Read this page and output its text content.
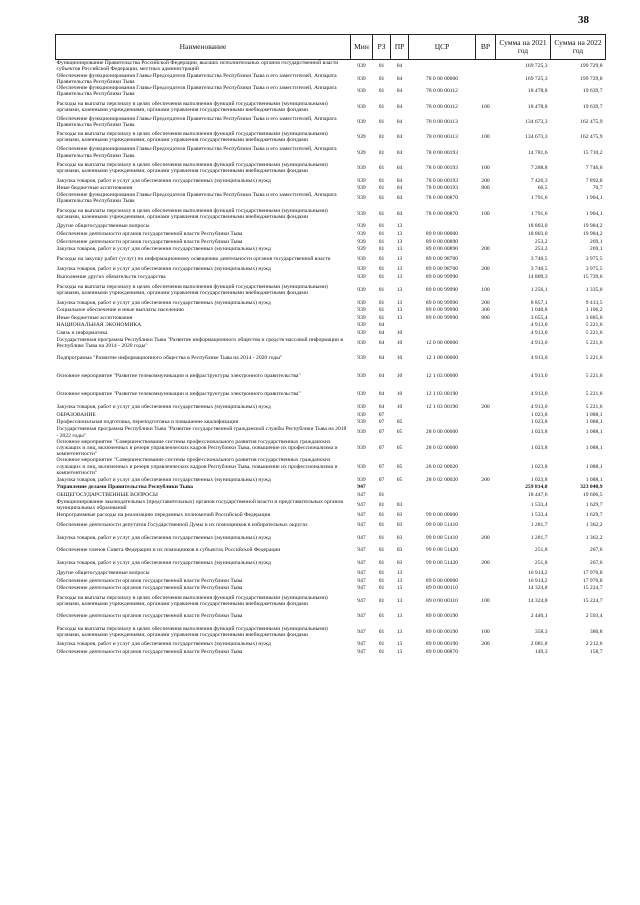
38
Наименование	Мин	РЗ	ПР	ЦСР	ВР	Сумма на 2021 год	Сумма на 2022 год
Функционирование Правительства Российской Федерации, высших исполнительных органов государственной власти субъектов Российской Федерации, местных администраций	939	01	04			169 725,3	199 729,8
Обеспечение функционирования Главы-Председателя Правительства Республики Тыва и его заместителей, Аппарата Правительства Республики Тыва	939	01	04	78 0 00 00000		169 725,3	199 729,8
Обеспечение функционирования Главы-Председателя Правительства Республики Тыва и его заместителей, Аппарата Правительства Республики Тыва	939	01	04	78 0 00 00112		18 478,8	19 639,7
Расходы на выплаты персоналу в целях обеспечения выполнения функций государственными (муниципальными) органами, казенными учреждениями, органами управления государственными внебюджетными фондами	939	01	04	78 0 00 00112	100	18 478,8	19 639,7
Обеспечение функционирования Главы-Председателя Правительства Республики Тыва и его заместителей, Аппарата Правительства Республики Тыва	939	01	04	78 0 00 00113		134 673,3	162 475,9
Расходы на выплаты персоналу в целях обеспечения выполнения функций государственными (муниципальными) органами, казенными учреждениями, органами управления государственными внебюджетными фондами	939	01	04	78 0 00 00113	100	134 673,3	162 475,9
Обеспечение функционирования Главы-Председателя Правительства Республики Тыва и его заместителей, Аппарата Правительства Республики Тыва	939	01	04	78 0 00 00193		14 781,6	15 710,2
Расходы на выплаты персоналу в целях обеспечения выполнения функций государственными (муниципальными) органами, казенными учреждениями, органами управления государственными внебюджетными фондами	939	01	04	78 0 00 00193	100	7 288,8	7 746,6
Закупка товаров, работ и услуг для обеспечения государственных (муниципальных) нужд	939	01	04	78 0 00 00193	200	7 426,3	7 892,8
Иные бюджетные ассигнования	939	01	04	78 0 00 00193	800	66,5	70,7
Обеспечение функционирования Главы-Председателя Правительства Республики Тыва и его заместителей, Аппарата Правительства Республики Тыва	939	01	04	78 0 00 00870		1 791,6	1 904,1
Расходы на выплаты персоналу в целях обеспечения выполнения функций государственными (муниципальными) органами, казенными учреждениями, органами управления государственными внебюджетными фондами	939	01	04	78 0 00 00870	100	1 791,6	1 904,1
Другие общегосударственные вопросы	939	01	13			18 803,0	19 984,2
Обеспечение деятельности органов государственной власти Республики Тыва	939	01	13	89 0 00 00000		18 803,0	19 984,2
Обеспечение деятельности органов государственной власти Республики Тыва	939	01	13	89 0 00 00890		253,2	269,1
Закупка товаров, работ и услуг для обеспечения государственных (муниципальных) нужд	939	01	13	89 0 00 00890	200	253,2	269,1
Расходы на закупку работ (услуг) по информационному освещению деятельности органов государственной власти	939	01	13	89 0 00 98700		3 740,5	3 975,5
Закупка товаров, работ и услуг для обеспечения государственных (муниципальных) нужд	939	01	13	89 0 00 98700	200	3 740,5	3 975,5
Выполнение других обязательств государства	939	01	13	89 0 00 99990		14 809,3	15 739,6
Расходы на выплаты персоналу в целях обеспечения выполнения функций государственными (муниципальными) органами, казенными учреждениями, органами управления государственными внебюджетными фондами	939	01	13	89 0 00 99990	100	1 256,1	1 335,0
Закупка товаров, работ и услуг для обеспечения государственных (муниципальных) нужд	939	01	13	89 0 00 99990	200	8 857,1	9 413,5
Социальное обеспечение и иные выплаты населению	939	01	13	89 0 00 99990	300	1 040,8	1 106,2
Иные бюджетные ассигнования	939	01	13	89 0 00 99990	800	3 655,4	3 885,0
НАЦИОНАЛЬНАЯ ЭКОНОМИКА	939	04				4 913,0	5 221,6
Связь и информатика	939	04	10			4 913,0	5 221,6
Государственная программа Республики Тыва "Развитие информационного общества и средств массовой информации в Республике Тыва на 2014 - 2020 годы"	939	04	10	12 0 00 00000		4 913,0	5 221,6
Подпрограмма "Развитие информационного общества в Республике Тыва на 2014 - 2020 годы"	939	04	10	12 1 00 00000		4 913,0	5 221,6
Основное мероприятие "Развитие телекоммуникации и инфраструктуры электронного правительства"	939	04	10	12 1 03 00000		4 913,0	5 221,6
Основное мероприятие "Развитие телекоммуникации и инфраструктуры электронного правительства"	939	04	10	12 1 03 00190		4 913,0	5 221,6
Закупка товаров, работ и услуг для обеспечения государственных (муниципальных) нужд	939	04	10	12 1 03 00190	200	4 913,0	5 221,6
ОБРАЗОВАНИЕ	939	07				1 023,8	1 088,1
Профессиональная подготовка, переподготовка и повышение квалификации	939	07	05			1 023,8	1 088,1
Государственная программа Республики Тыва "Развитие государственной гражданской службы Республики Тыва на 2018 - 2022 годы"	939	07	05	28 0 00 00000		1 023,8	1 088,1
Основное мероприятие "Совершенствование системы профессионального развития государственных гражданских служащих и лиц, включенных в резерв управленческих кадров Республики Тыва, повышение их профессионализма и компетентности"	939	07	05	28 0 02 00000		1 023,8	1 088,1
Основное мероприятие "Совершенствование системы профессионального развития государственных гражданских служащих и лиц, включенных в резерв управленческих кадров Республики Тыва, повышение их профессионализма и компетентности"	939	07	05	28 0 02 00020		1 023,8	1 088,1
Закупка товаров, работ и услуг для обеспечения государственных (муниципальных) нужд	939	07	05	28 0 02 00020	200	1 023,8	1 088,1
Управление делами Правительства Республики Тыва	947					259 814,0	323 040,9
ОБЩЕГОСУДАРСТВЕННЫЕ ВОПРОСЫ	947	01				18 447,6	19 606,5
Функционирование законодательных (представительных) органов государственной власти и представительных органов муниципальных образований	947	01	03			1 533,4	1 629,7
Непрограммные расходы на реализацию переданных полномочий Российской Федерации	947	01	03	99 0 00 00000		1 533,4	1 629,7
Обеспечение деятельности депутатов Государственной Думы и их помощников в избирательных округах	947	01	03	99 0 00 51410		1 281,7	1 362,2
Закупка товаров, работ и услуг для обеспечения государственных (муниципальных) нужд	947	01	03	99 0 00 51410	200	1 281,7	1 362,2
Обеспечение членов Совета Федерации и их помощников в субъектах Российской Федерации	947	01	03	99 0 00 51420		251,8	267,6
Закупка товаров, работ и услуг для обеспечения государственных (муниципальных) нужд	947	01	03	99 0 00 51420	200	251,8	267,6
Другие общегосударственные вопросы	947	01	13			16 914,2	17 976,8
Обеспечение деятельности органов государственной власти Республики Тыва	947	01	13	89 0 00 00000		16 914,2	17 976,8
Обеспечение деятельности органов государственной власти Республики Тыва	947	01	13	89 0 00 00110		14 324,8	15 224,7
Расходы на выплаты персоналу в целях обеспечения выполнения функций государственными (муниципальными) органами, казенными учреждениями, органами управления государственными внебюджетными фондами	947	01	13	89 0 00 00110	100	14 324,8	15 224,7
Обеспечение деятельности органов государственной власти Республики Тыва	947	01	13	89 0 00 00190		2 440,1	2 593,4
Расходы на выплаты персоналу в целях обеспечения выполнения функций государственными (муниципальными) органами, казенными учреждениями, органами управления государственными внебюджетными фондами	947	01	13	89 0 00 00190	100	358,3	380,8
Закупка товаров, работ и услуг для обеспечения государственных (муниципальных) нужд	947	01	13	89 0 00 00190	200	2 081,8	2 212,6
Обеспечение деятельности органов государственной власти Республики Тыва	947	01	13	89 0 00 00870		149,3	158,7
